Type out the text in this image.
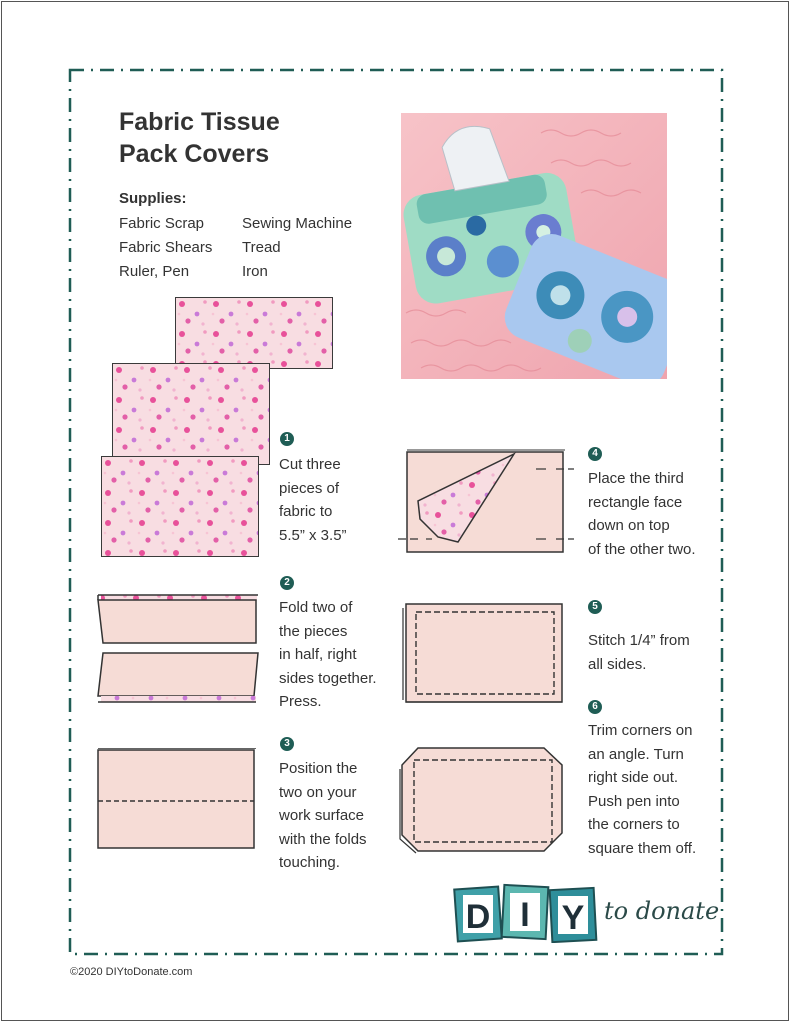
Fabric Tissue
Pack Covers
Supplies:
Fabric Scrap
Fabric Shears
Ruler, Pen
Sewing Machine
Tread
Iron
1
Cut three
pieces of
fabric to
5.5” x 3.5”
2
Fold two of
the pieces
in half, right
sides together.
Press.
3
Position the
two on your
work surface
with the folds
touching.
4
Place the third
rectangle face
down on top
of the other two.
5
Stitch 1/4” from
all sides.
6
Trim corners on
an angle. Turn
right side out.
Push pen into
the corners to
square them off.
D I Y to donate
©2020 DIYtoDonate.com
